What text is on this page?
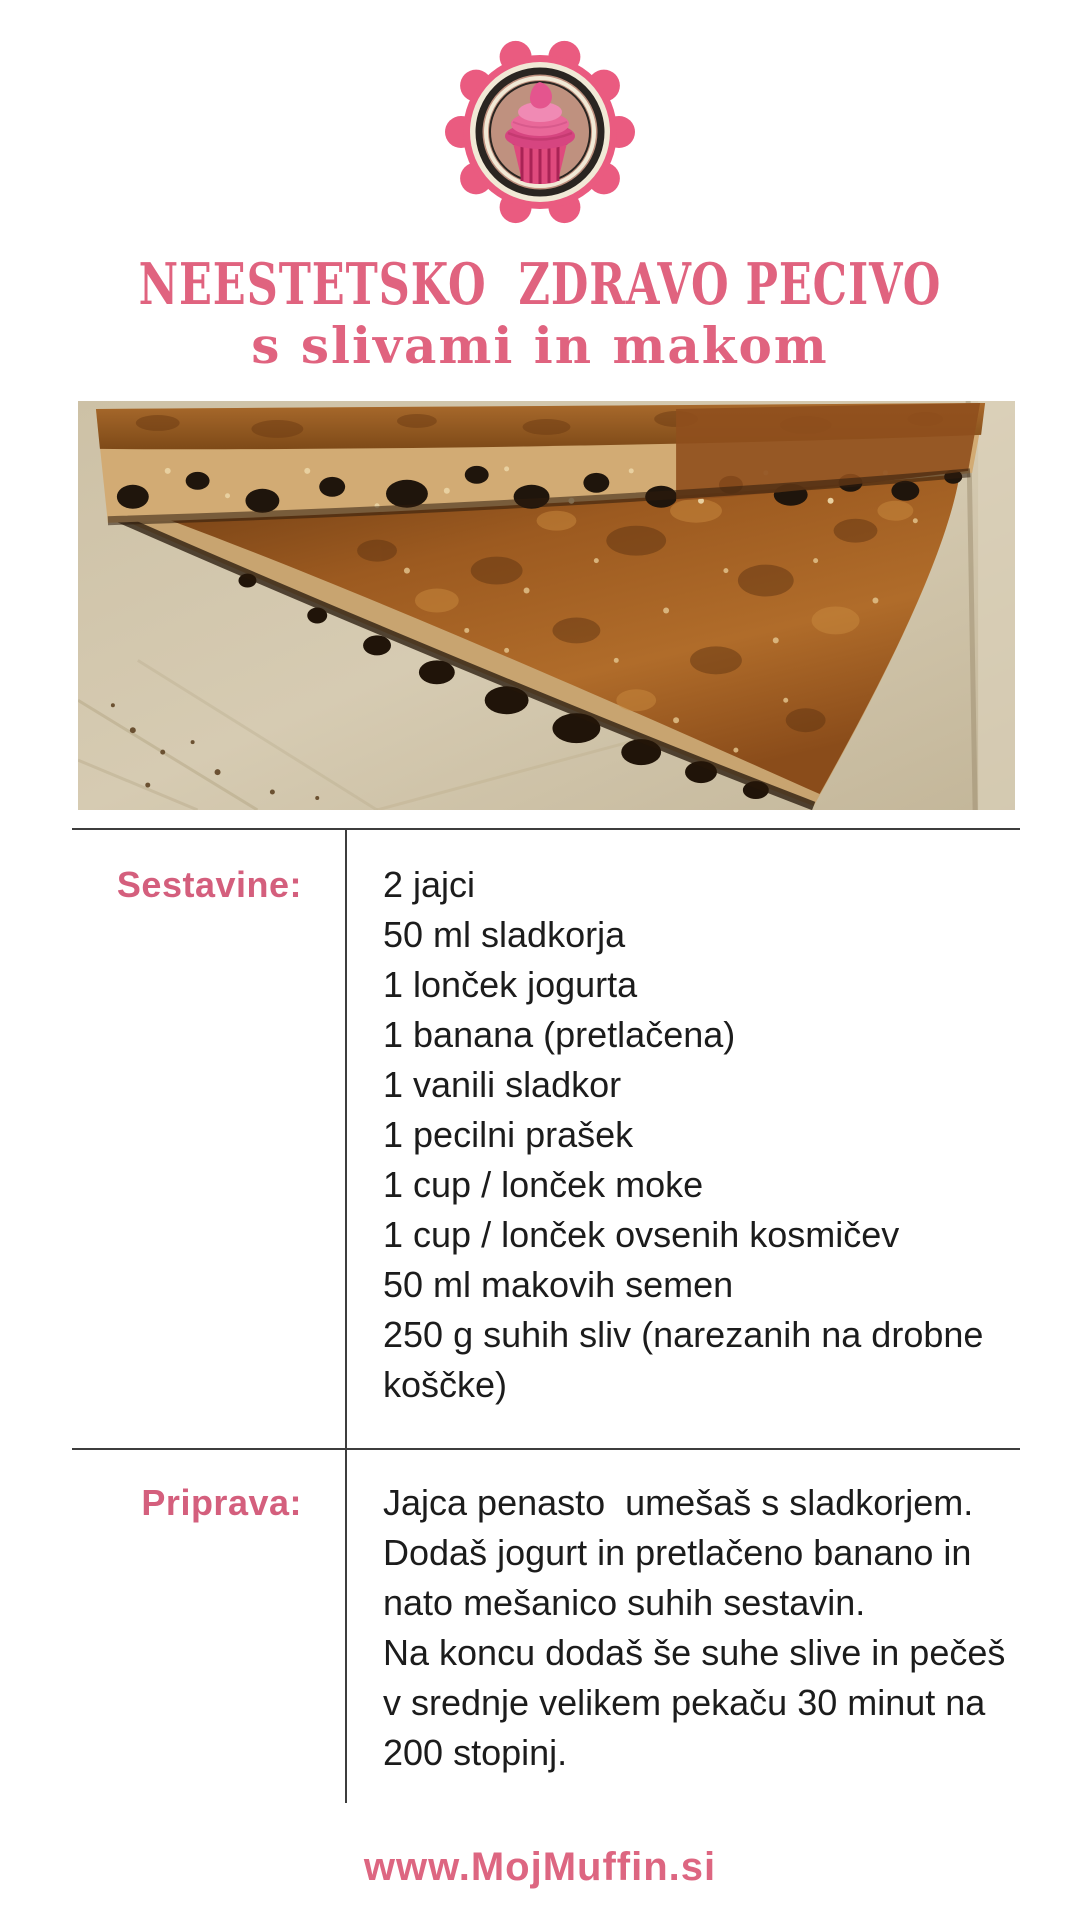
NEESTETSKO  ZDRAVO PECIVO
s slivami in makom
Sestavine: 2 jajci
50 ml sladkorja
1 lonček jogurta
1 banana (pretlačena)
1 vanili sladkor
1 pecilni prašek
1 cup / lonček moke
1 cup / lonček ovsenih kosmičev
50 ml makovih semen
250 g suhih sliv (narezanih na drobne koščke)
Priprava: Jajca penasto  umešaš s sladkorjem.
Dodaš jogurt in pretlačeno banano in
nato mešanico suhih sestavin.
Na koncu dodaš še suhe slive in pečeš
v srednje velikem pekaču 30 minut na
200 stopinj.
www.MojMuffin.si
